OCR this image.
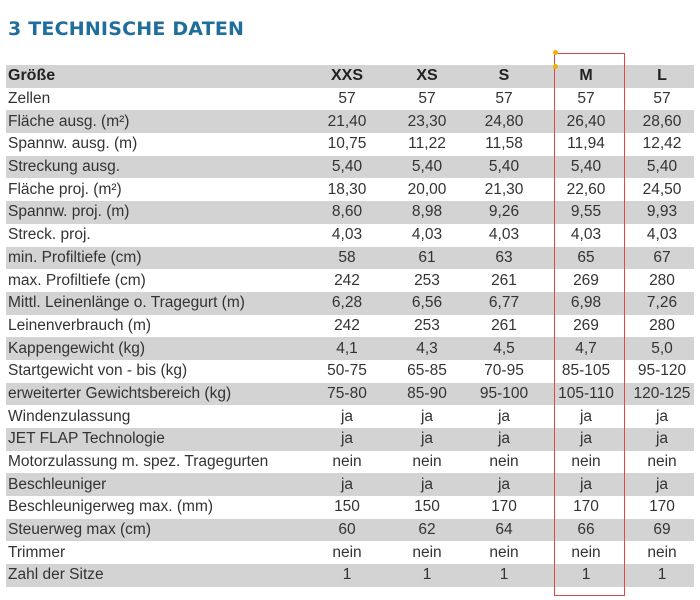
3 TECHNISCHE DATEN
Größe	XXS	XS	S	M	L
Zellen	57	57	57	57	57
Fläche ausg. (m²)	21,40	23,30	24,80	26,40	28,60
Spannw. ausg. (m)	10,75	11,22	11,58	11,94	12,42
Streckung ausg.	5,40	5,40	5,40	5,40	5,40
Fläche proj. (m²)	18,30	20,00	21,30	22,60	24,50
Spannw. proj. (m)	8,60	8,98	9,26	9,55	9,93
Streck. proj.	4,03	4,03	4,03	4,03	4,03
min. Profiltiefe (cm)	58	61	63	65	67
max. Profiltiefe (cm)	242	253	261	269	280
Mittl. Leinenlänge o. Tragegurt (m)	6,28	6,56	6,77	6,98	7,26
Leinenverbrauch (m)	242	253	261	269	280
Kappengewicht (kg)	4,1	4,3	4,5	4,7	5,0
Startgewicht von - bis (kg)	50-75	65-85	70-95	85-105	95-120
erweiterter Gewichtsbereich (kg)	75-80	85-90	95-100	105-110	120-125
Windenzulassung	ja	ja	ja	ja	ja
JET FLAP Technologie	ja	ja	ja	ja	ja
Motorzulassung m. spez. Tragegurten	nein	nein	nein	nein	nein
Beschleuniger	ja	ja	ja	ja	ja
Beschleunigerweg max. (mm)	150	150	170	170	170
Steuerweg max (cm)	60	62	64	66	69
Trimmer	nein	nein	nein	nein	nein
Zahl der Sitze	1	1	1	1	1
